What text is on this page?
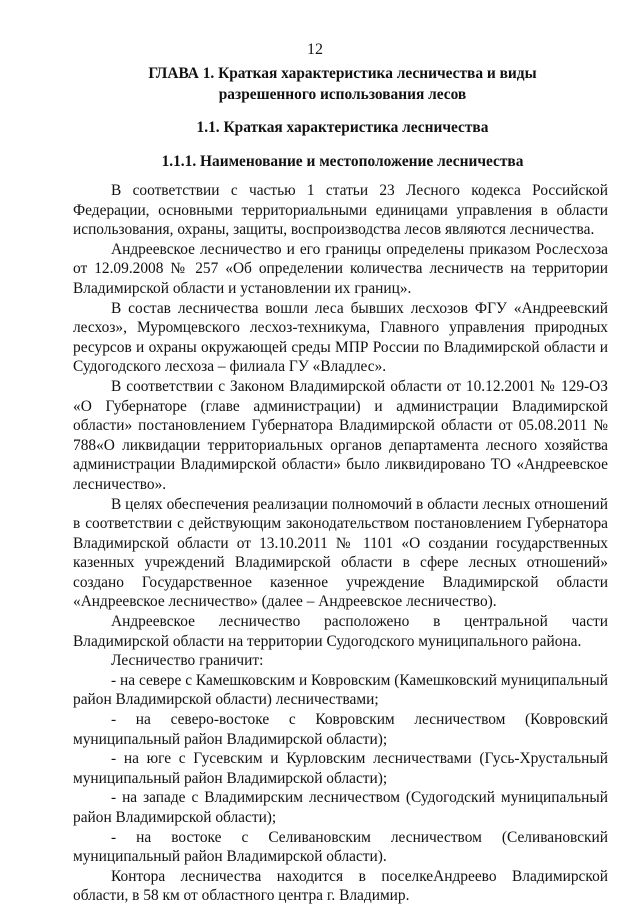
12
ГЛАВА 1. Краткая характеристика лесничества и виды
разрешенного использования лесов
1.1. Краткая характеристика лесничества
1.1.1. Наименование и местоположение лесничества

В соответствии с частью 1 статьи 23 Лесного кодекса Российской Федерации, основными территориальными единицами управления в области использования, охраны, защиты, воспроизводства лесов являются лесничества.

Андреевское лесничество и его границы определены приказом Рослесхоза от 12.09.2008 № 257 «Об определении количества лесничеств на территории Владимирской области и установлении их границ».

В состав лесничества вошли леса бывших лесхозов ФГУ «Андреевский лесхоз», Муромцевского лесхоз-техникума, Главного управления природных ресурсов и охраны окружающей среды МПР России по Владимирской области и Судогодского лесхоза – филиала ГУ «Владлес».

В соответствии с Законом Владимирской области от 10.12.2001 № 129-ОЗ «О Губернаторе (главе администрации) и администрации Владимирской области» постановлением Губернатора Владимирской области от 05.08.2011 № 788«О ликвидации территориальных органов департамента лесного хозяйства администрации Владимирской области» было ликвидировано ТО «Андреевское лесничество».

В целях обеспечения реализации полномочий в области лесных отношений в соответствии с действующим законодательством постановлением Губернатора Владимирской области от 13.10.2011 № 1101 «О создании государственных казенных учреждений Владимирской области в сфере лесных отношений» создано Государственное казенное учреждение Владимирской области «Андреевское лесничество» (далее – Андреевское лесничество).

Андреевское лесничество расположено в центральной части Владимирской области на территории Судогодского муниципального района.

Лесничество граничит:

- на севере с Камешковским и Ковровским (Камешковский муниципальный район Владимирской области) лесничествами;

- на северо-востоке с Ковровским лесничеством (Ковровский муниципальный район Владимирской области);

- на юге с Гусевским и Курловским лесничествами (Гусь-Хрустальный муниципальный район Владимирской области);

- на западе с Владимирским лесничеством (Судогодский муниципальный район Владимирской области);

- на востоке с Селивановским лесничеством (Селивановский муниципальный район Владимирской области).

Контора лесничества находится в поселкеАндреево Владимирской области, в 58 км от областного центра г. Владимир.
